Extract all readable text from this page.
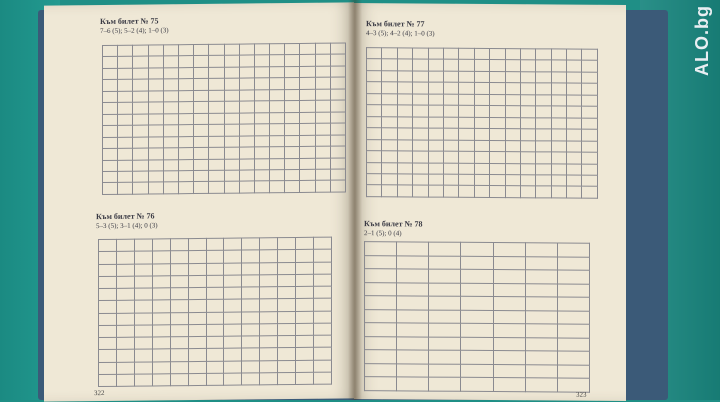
Към билет № 75
7–6 (5); 5–2 (4); 1–0 (3)

Към билет № 76
5–3 (5); 3–1 (4); 0 (3)

322
Към билет № 77
4–3 (5); 4–2 (4); 1–0 (3)

Към билет № 78
2–1 (5); 0 (4)

323
ALO.bg
